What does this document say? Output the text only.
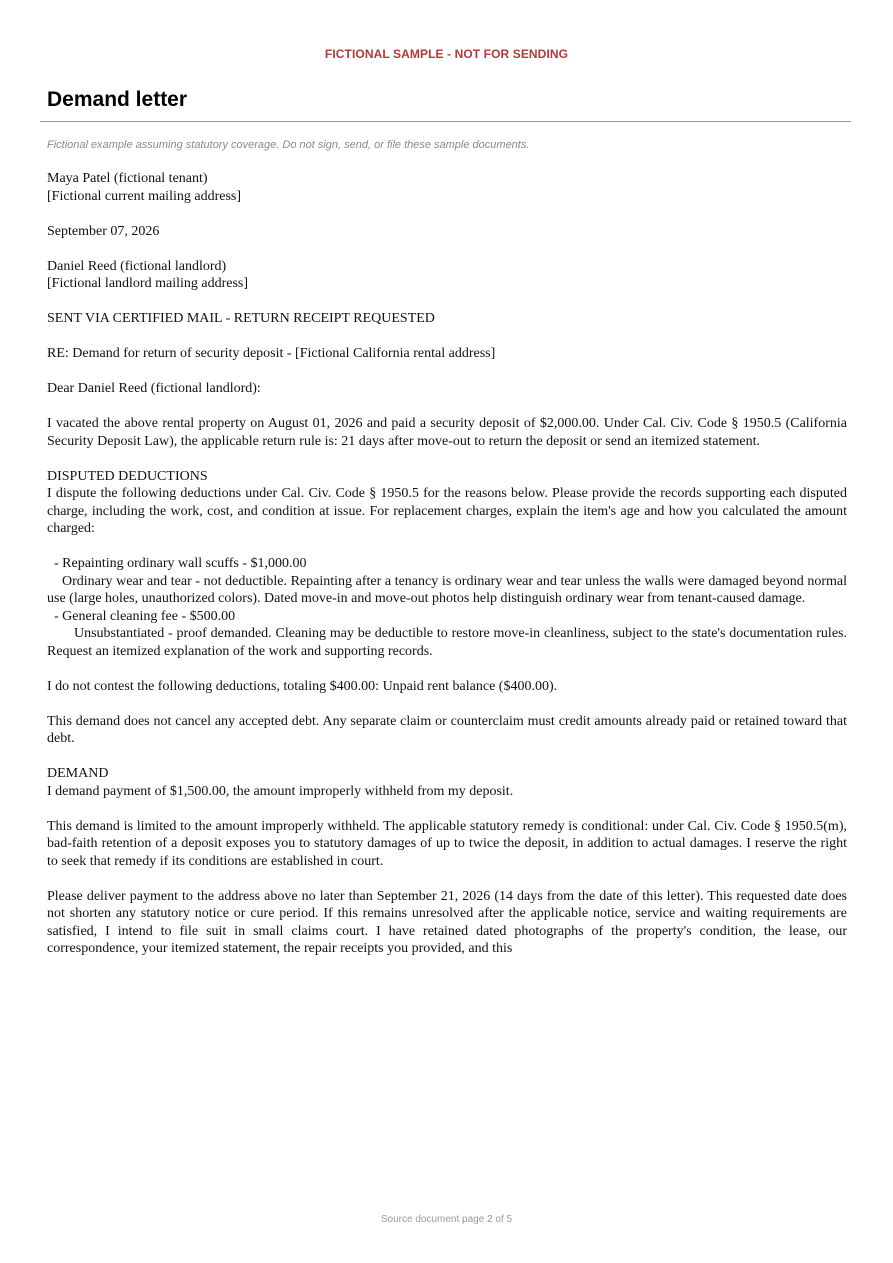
FICTIONAL SAMPLE - NOT FOR SENDING
Demand letter
Fictional example assuming statutory coverage. Do not sign, send, or file these sample documents.

Maya Patel (fictional tenant)
[Fictional current mailing address]

September 07, 2026

Daniel Reed (fictional landlord)
[Fictional landlord mailing address]

SENT VIA CERTIFIED MAIL - RETURN RECEIPT REQUESTED

RE: Demand for return of security deposit - [Fictional California rental address]

Dear Daniel Reed (fictional landlord):

I vacated the above rental property on August 01, 2026 and paid a security deposit of $2,000.00. Under Cal. Civ. Code § 1950.5 (California Security Deposit Law), the applicable return rule is: 21 days after move-out to return the deposit or send an itemized statement.

DISPUTED DEDUCTIONS

I dispute the following deductions under Cal. Civ. Code § 1950.5 for the reasons below. Please provide the records supporting each disputed charge, including the work, cost, and condition at issue. For replacement charges, explain the item's age and how you calculated the amount charged:

- Repainting ordinary wall scuffs - $1,000.00

Ordinary wear and tear - not deductible. Repainting after a tenancy is ordinary wear and tear unless the walls were damaged beyond normal use (large holes, unauthorized colors). Dated move-in and move-out photos help distinguish ordinary wear from tenant-caused damage.

- General cleaning fee - $500.00

Unsubstantiated - proof demanded. Cleaning may be deductible to restore move-in cleanliness, subject to the state's documentation rules. Request an itemized explanation of the work and supporting records.

I do not contest the following deductions, totaling $400.00: Unpaid rent balance ($400.00).

This demand does not cancel any accepted debt. Any separate claim or counterclaim must credit amounts already paid or retained toward that debt.

DEMAND

I demand payment of $1,500.00, the amount improperly withheld from my deposit.

This demand is limited to the amount improperly withheld. The applicable statutory remedy is conditional: under Cal. Civ. Code § 1950.5(m), bad-faith retention of a deposit exposes you to statutory damages of up to twice the deposit, in addition to actual damages. I reserve the right to seek that remedy if its conditions are established in court.

Please deliver payment to the address above no later than September 21, 2026 (14 days from the date of this letter). This requested date does not shorten any statutory notice or cure period. If this remains unresolved after the applicable notice, service and waiting requirements are satisfied, I intend to file suit in small claims court. I have retained dated photographs of the property's condition, the lease, our correspondence, your itemized statement, the repair receipts you provided, and this

Source document page 2 of 5
